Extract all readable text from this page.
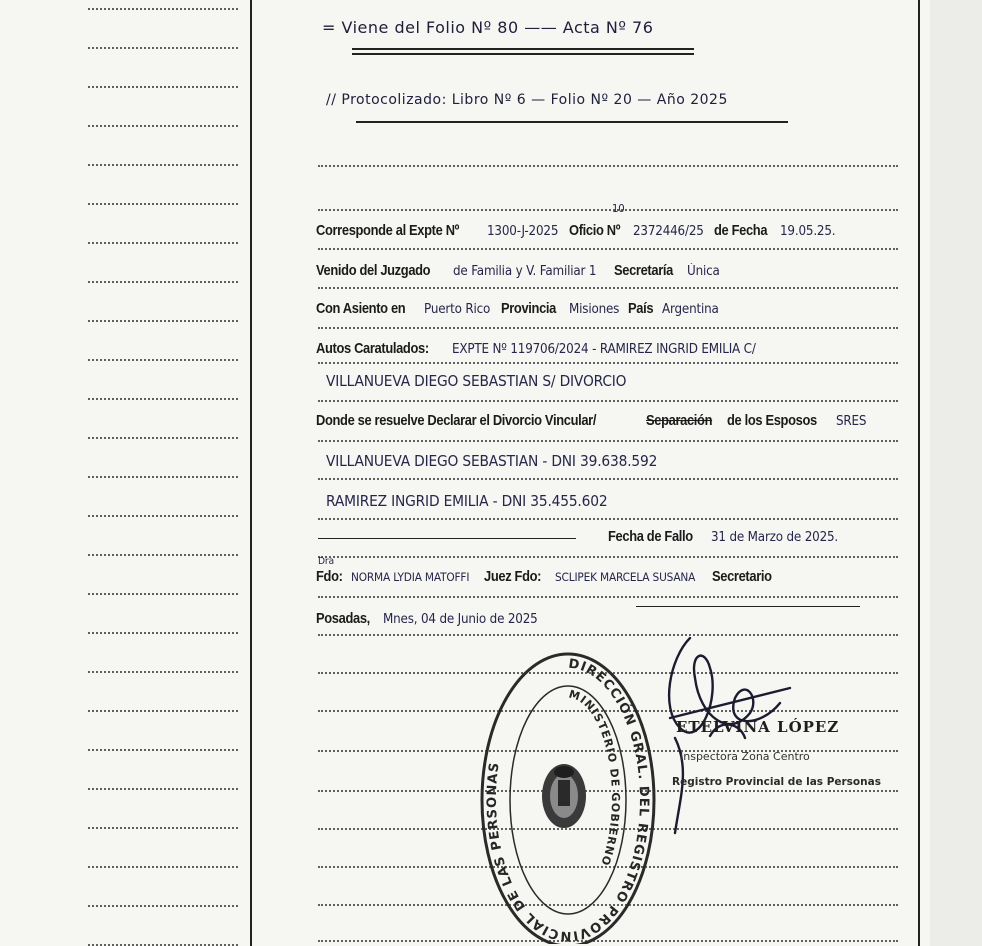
= Viene del Folio Nº 80 —— Acta Nº 76
// Protocolizado: Libro Nº 6 — Folio Nº 20 — Año 2025
Corresponde al Expte Nº 1300-J-2025 Oficio Nº 2372446/25 de Fecha 19.05.25.
10
Venido del Juzgado de Familia y V. Familiar 1 Secretaría Única
Con Asiento en Puerto Rico Provincia Misiones País Argentina
Autos Caratulados: EXPTE Nº 119706/2024 - RAMIREZ INGRID EMILIA C/
VILLANUEVA DIEGO SEBASTIAN S/ DIVORCIO
Donde se resuelve Declarar el Divorcio Vincular/	Separación de los Esposos SRES
VILLANUEVA DIEGO SEBASTIAN - DNI 39.638.592
RAMIREZ INGRID EMILIA - DNI 35.455.602
Fecha de Fallo 31 de Marzo de 2025.
Dra
Fdo: NORMA LYDIA MATOFFI Juez Fdo: SCLIPEK MARCELA SUSANA Secretario
Posadas, Mnes, 04 de Junio de 2025
DIRECCIÓN GRAL. DEL REGISTRO PROVINCIAL DE LAS PERSONAS
MINISTERIO DE GOBIERNO
ETELVINA LÓPEZ
Inspectora Zona Centro
Registro Provincial de las Personas
